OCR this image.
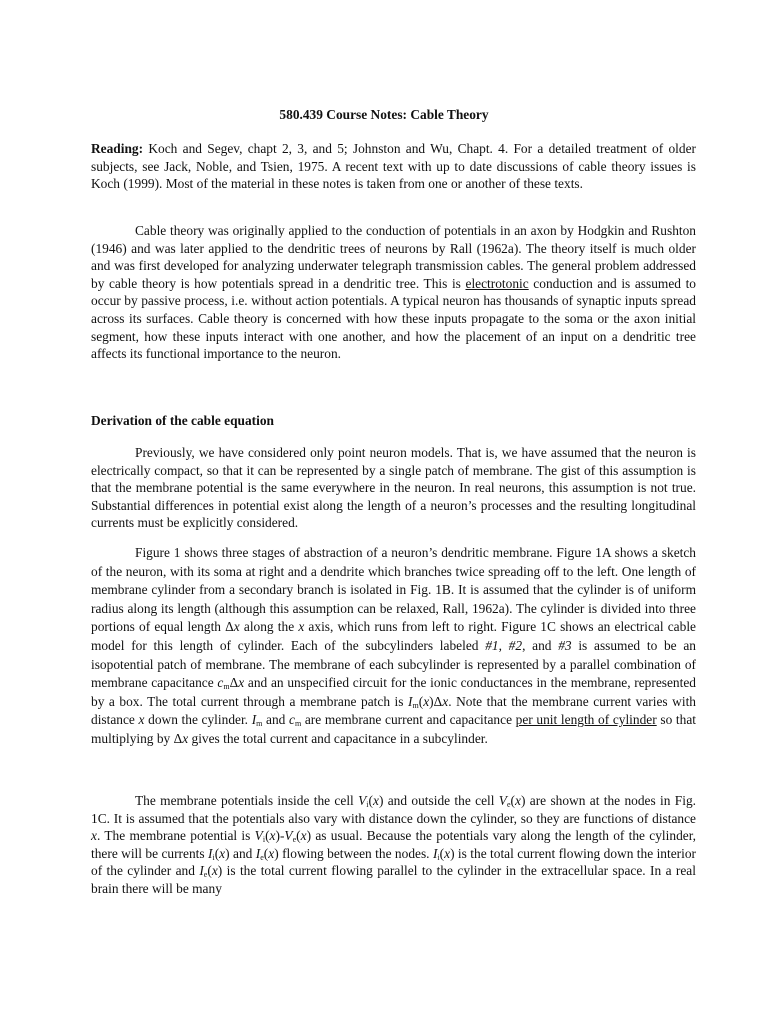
580.439 Course Notes: Cable Theory

Reading: Koch and Segev, chapt 2, 3, and 5; Johnston and Wu, Chapt. 4. For a detailed treatment of older subjects, see Jack, Noble, and Tsien, 1975. A recent text with up to date discussions of cable theory issues is Koch (1999). Most of the material in these notes is taken from one or another of these texts.

Cable theory was originally applied to the conduction of potentials in an axon by Hodgkin and Rushton (1946) and was later applied to the dendritic trees of neurons by Rall (1962a). The theory itself is much older and was first developed for analyzing underwater telegraph transmission cables. The general problem addressed by cable theory is how potentials spread in a dendritic tree. This is electrotonic conduction and is assumed to occur by passive process, i.e. without action potentials. A typical neuron has thousands of synaptic inputs spread across its surfaces. Cable theory is concerned with how these inputs propagate to the soma or the axon initial segment, how these inputs interact with one another, and how the placement of an input on a dendritic tree affects its functional importance to the neuron.

Derivation of the cable equation

Previously, we have considered only point neuron models. That is, we have assumed that the neuron is electrically compact, so that it can be represented by a single patch of membrane. The gist of this assumption is that the membrane potential is the same everywhere in the neuron. In real neurons, this assumption is not true. Substantial differences in potential exist along the length of a neuron’s processes and the resulting longitudinal currents must be explicitly considered.

Figure 1 shows three stages of abstraction of a neuron’s dendritic membrane. Figure 1A shows a sketch of the neuron, with its soma at right and a dendrite which branches twice spreading off to the left. One length of membrane cylinder from a secondary branch is isolated in Fig. 1B. It is assumed that the cylinder is of uniform radius along its length (although this assumption can be relaxed, Rall, 1962a). The cylinder is divided into three portions of equal length Δx along the x axis, which runs from left to right. Figure 1C shows an electrical cable model for this length of cylinder. Each of the subcylinders labeled #1, #2, and #3 is assumed to be an isopotential patch of membrane. The membrane of each subcylinder is represented by a parallel combination of membrane capacitance $c_m\Delta x$ and an unspecified circuit for the ionic conductances in the membrane, represented by a box. The total current through a membrane patch is $I_m(x)\Delta x$. Note that the membrane current varies with distance x down the cylinder. $I_m$ and $c_m$ are membrane current and capacitance per unit length of cylinder so that multiplying by Δx gives the total current and capacitance in a subcylinder.

The membrane potentials inside the cell $V_i(x)$ and outside the cell $V_e(x)$ are shown at the nodes in Fig. 1C. It is assumed that the potentials also vary with distance down the cylinder, so they are functions of distance x. The membrane potential is $V_i(x)-V_e(x)$ as usual. Because the potentials vary along the length of the cylinder, there will be currents $I_i(x)$ and $I_e(x)$ flowing between the nodes. $I_i(x)$ is the total current flowing down the interior of the cylinder and $I_e(x)$ is the total current flowing parallel to the cylinder in the extracellular space. In a real brain there will be many
